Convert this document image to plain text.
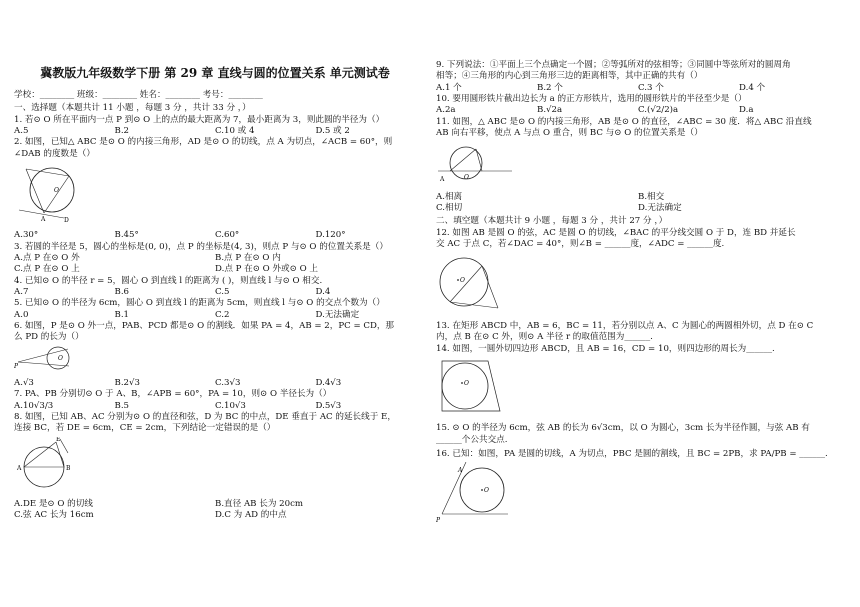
冀教版九年级数学下册 第 29 章 直线与圆的位置关系 单元测试卷
学校：________ 班级：________ 姓名：________ 考号：________
一、选择题（本题共计 11 小题 ，每题 3 分 ，共计 33 分 ，）
1. 若⊙ O 所在平面内一点 P 到⊙ O 上的点的最大距离为 7，最小距离为 3，则此圆的半径为（）
A.5	B.2	C.10 或 4	D.5 或 2
2. 如图，已知△ ABC 是⊙ O 的内接三角形，AD 是⊙ O 的切线，点 A 为切点，∠ACB = 60°，则
∠DAB 的度数是（）
O
A	D
A.30°	B.45°	C.60°	D.120°
3. 若圆的半径是 5，圆心的坐标是(0, 0)，点 P 的坐标是(4, 3)，则点 P 与⊙ O 的位置关系是（）
A.点 P 在⊙ O 外	B.点 P 在⊙ O 内
C.点 P 在⊙ O 上	D.点 P 在⊙ O 外或⊙ O 上
4. 已知⊙ O 的半径 r = 5，圆心 O 到直线 l 的距离为 ( )，则直线 l 与⊙ O 相交.
A.7	B.6	C.5	D.4
5. 已知⊙ O 的半径为 6cm，圆心 O 到直线 l 的距离为 5cm，则直线 l 与⊙ O 的交点个数为（）
A.0	B.1	C.2	D.无法确定
6. 如图，P 是⊙ O 外一点，PAB、PCD 都是⊙ O 的割线．如果 PA = 4，AB = 2，PC = CD，那
么 PD 的长为（）
P
O
A.√3	B.2√3	C.3√3	D.4√3
7. PA、PB 分别切⊙ O 于 A、B，∠APB = 60°，PA = 10，则⊙ O 半径长为（）
A.10√3/3	B.5	C.10√3	D.5√3
8. 如图，已知 AB、AC 分别为⊙ O 的直径和弦，D 为 BC 的中点，DE 垂直于 AC 的延长线于 E，
连接 BC，若 DE = 6cm，CE = 2cm，下列结论一定错误的是（）
A	B
E
A.DE 是⊙ O 的切线	B.直径 AB 长为 20cm
C.弦 AC 长为 16cm	D.C 为 AD 的中点
9. 下列说法：①平面上三个点确定一个圆；②等弧所对的弦相等；③同圆中等弦所对的圆周角
相等；④三角形的内心到三角形三边的距离相等，其中正确的共有（）
A.1 个	B.2 个	C.3 个	D.4 个
10. 要用圆形铁片截出边长为 a 的正方形铁片，选用的圆形铁片的半径至少是（）
A.2a	B.√2a	C.(√2/2)a	D.a
11. 如图，△ ABC 是⊙ O 的内接三角形，AB 是⊙ O 的直径，∠ABC = 30 度．将△ ABC 沿直线
AB 向右平移，使点 A 与点 O 重合，则 BC 与⊙ O 的位置关系是（）
O
A
A.相离	B.相交
C.相切	D.无法确定
二、填空题（本题共计 9 小题 ，每题 3 分 ，共计 27 分 ，）
12. 如图 AB 是圆 O 的弦，AC 是圆 O 的切线，∠BAC 的平分线交圆 O 于 D，连 BD 并延长
交 AC 于点 C，若∠DAC = 40°，则∠B = ______度，∠ADC = ______度.
O
13. 在矩形 ABCD 中，AB = 6，BC = 11，若分别以点 A、C 为圆心的两圆相外切，点 D 在⊙ C
内，点 B 在⊙ C 外，则⊙ A 半径 r 的取值范围为______.
14. 如图，一圆外切四边形 ABCD，且 AB = 16，CD = 10，则四边形的周长为______.
O
15. ⊙ O 的半径为 6cm，弦 AB 的长为 6√3cm，以 O 为圆心，3cm 长为半径作圆，与弦 AB 有
______个公共交点.
16. 已知：如图，PA 是圆的切线，A 为切点，PBC 是圆的割线，且 BC = 2PB，求 PA/PB = ______.
O
P
A
